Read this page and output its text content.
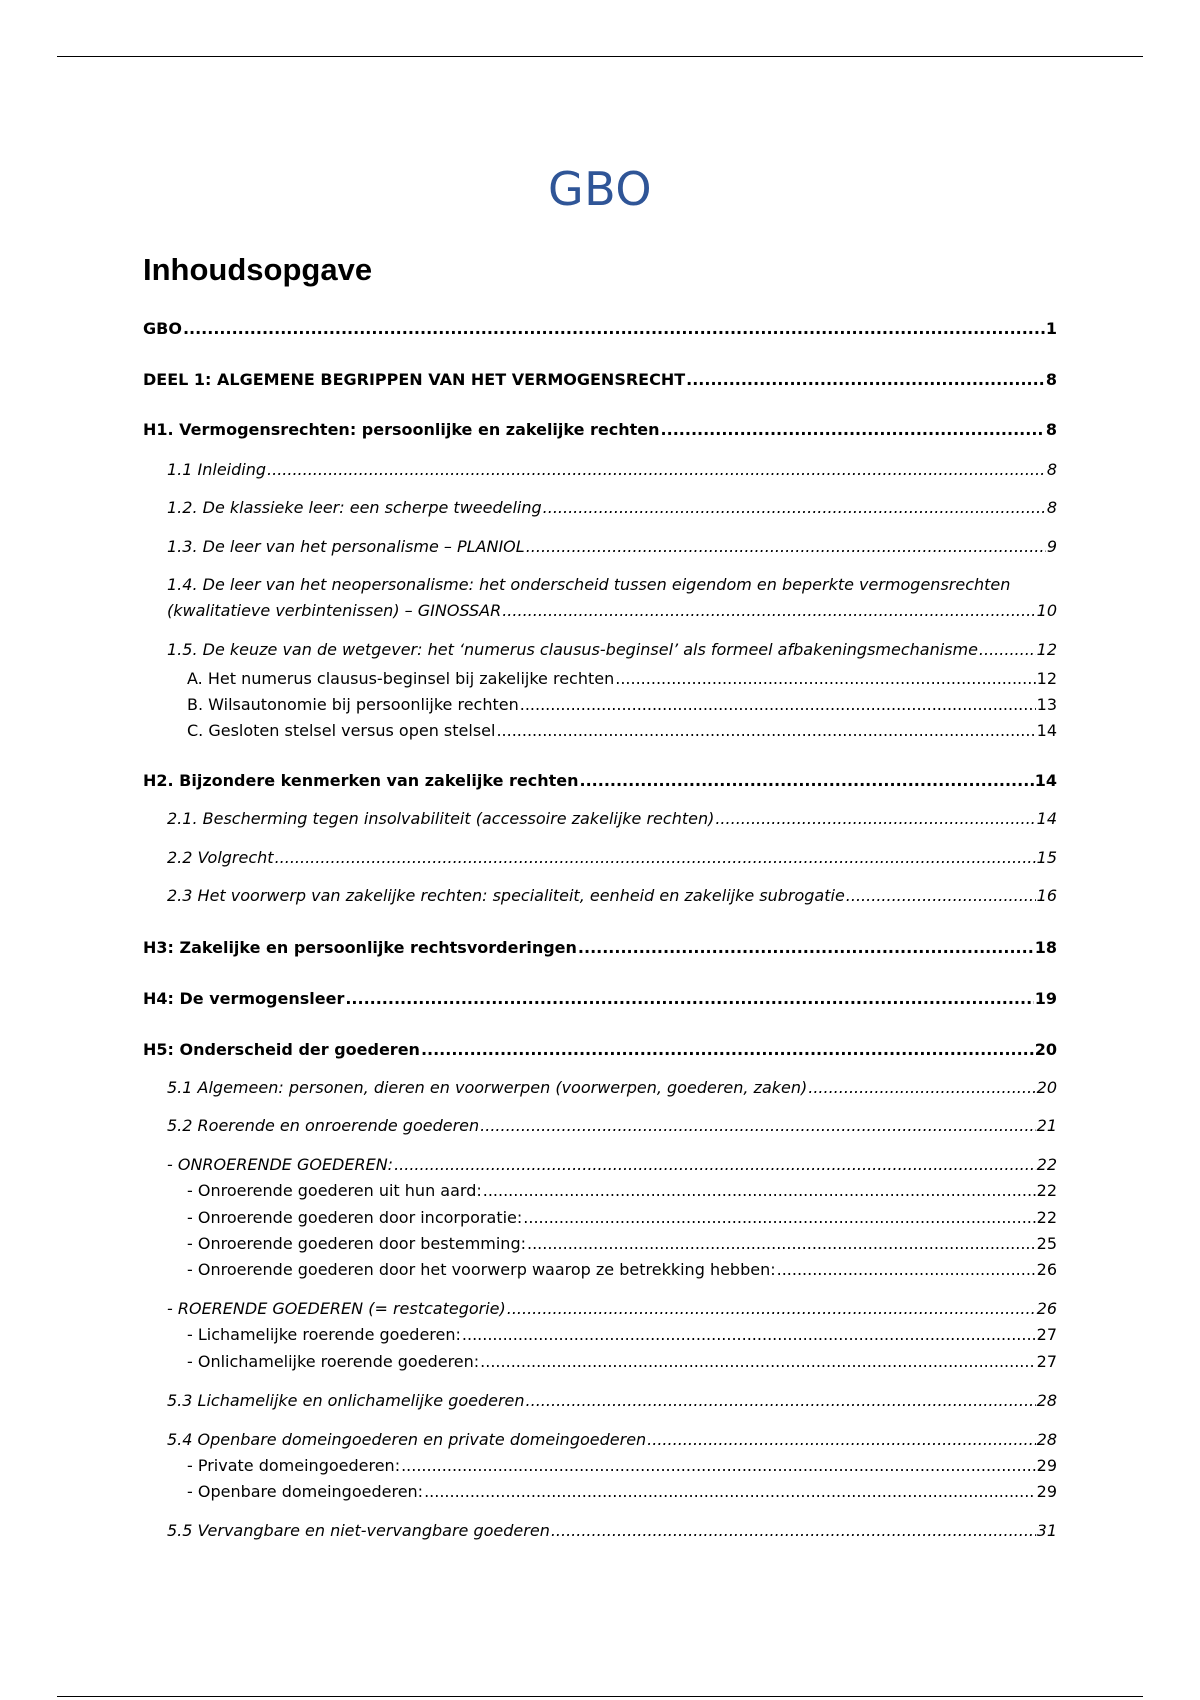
GBO
Inhoudsopgave
GBO .....	1
DEEL 1: ALGEMENE BEGRIPPEN VAN HET VERMOGENSRECHT .....	8
H1. Vermogensrechten: persoonlijke en zakelijke rechten .....	8
1.1 Inleiding .....	8
1.2. De klassieke leer: een scherpe tweedeling .....	8
1.3. De leer van het personalisme – PLANIOL .....	9
1.4. De leer van het neopersonalisme: het onderscheid tussen eigendom en beperkte vermogensrechten
(kwalitatieve verbintenissen) – GINOSSAR .....	10
1.5. De keuze van de wetgever: het ‘numerus clausus-beginsel’ als formeel afbakeningsmechanisme .....	12
A. Het numerus clausus-beginsel bij zakelijke rechten .....	12
B. Wilsautonomie bij persoonlijke rechten .....	13
C. Gesloten stelsel versus open stelsel .....	14
H2. Bijzondere kenmerken van zakelijke rechten .....	14
2.1. Bescherming tegen insolvabiliteit (accessoire zakelijke rechten) .....	14
2.2 Volgrecht .....	15
2.3 Het voorwerp van zakelijke rechten: specialiteit, eenheid en zakelijke subrogatie .....	16
H3: Zakelijke en persoonlijke rechtsvorderingen .....	18
H4: De vermogensleer .....	19
H5: Onderscheid der goederen .....	20
5.1 Algemeen: personen, dieren en voorwerpen (voorwerpen, goederen, zaken) .....	20
5.2 Roerende en onroerende goederen .....	21
- ONROERENDE GOEDEREN: .....	22
- Onroerende goederen uit hun aard: .....	22
- Onroerende goederen door incorporatie: .....	22
- Onroerende goederen door bestemming: .....	25
- Onroerende goederen door het voorwerp waarop ze betrekking hebben: .....	26
- ROERENDE GOEDEREN (= restcategorie) .....	26
- Lichamelijke roerende goederen: .....	27
- Onlichamelijke roerende goederen: .....	27
5.3 Lichamelijke en onlichamelijke goederen .....	28
5.4 Openbare domeingoederen en private domeingoederen .....	28
- Private domeingoederen: .....	29
- Openbare domeingoederen: .....	29
5.5 Vervangbare en niet-vervangbare goederen .....	31
